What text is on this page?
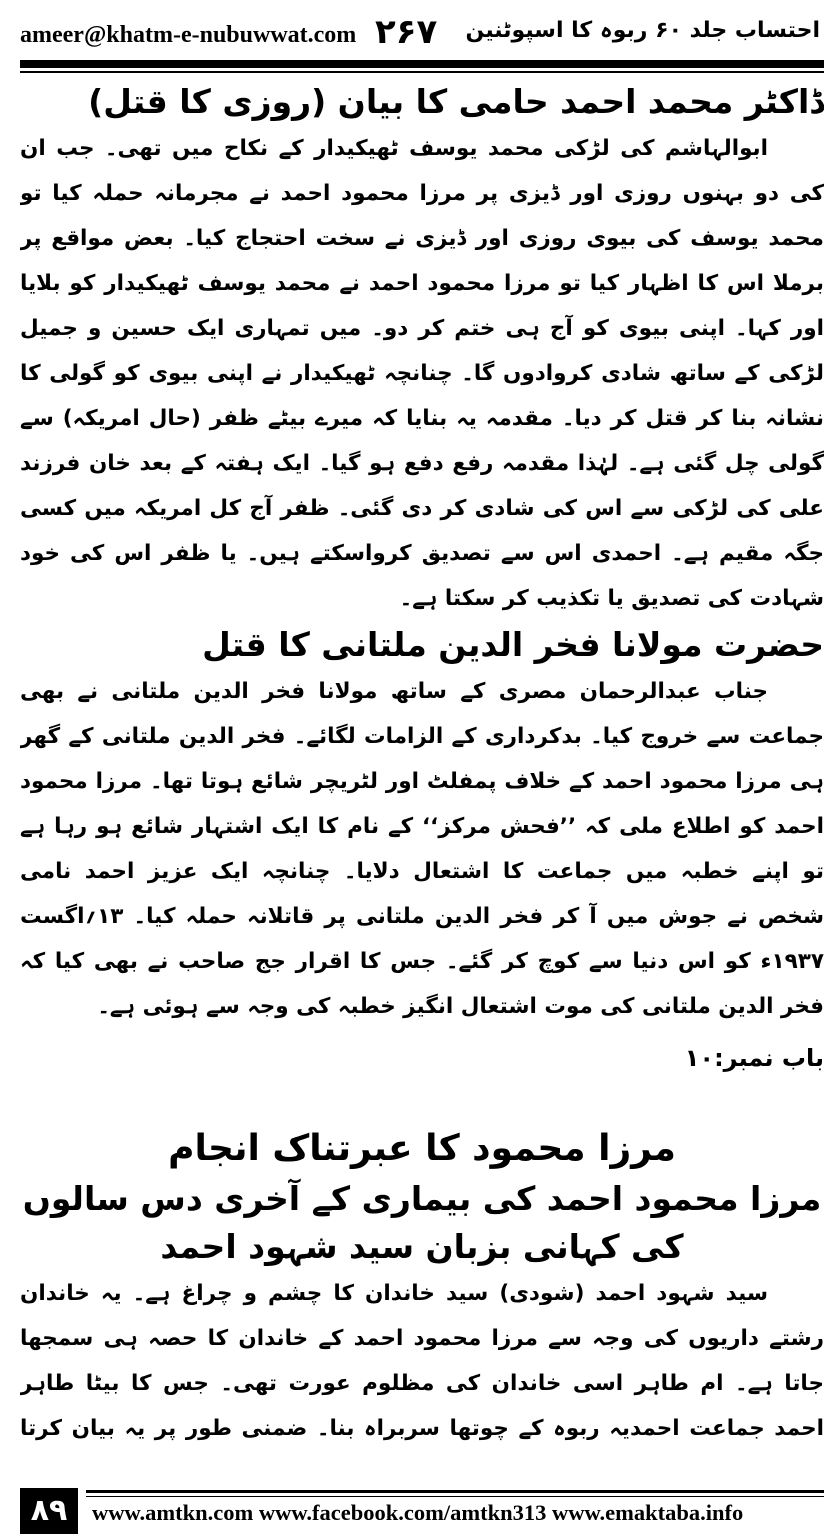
ameer@khatm-e-nubuwwat.com ۲۶۷ احتساب جلد ۶۰ ربوہ کا اسپوٹنین
ڈاکٹر محمد احمد حامی کا بیان (روزی کا قتل)

ابوالہاشم کی لڑکی محمد یوسف ٹھیکیدار کے نکاح میں تھی۔ جب ان کی دو بہنوں روزی اور ڈیزی پر مرزا محمود احمد نے مجرمانہ حملہ کیا تو محمد یوسف کی بیوی روزی اور ڈیزی نے سخت احتجاج کیا۔ بعض مواقع پر برملا اس کا اظہار کیا تو مرزا محمود احمد نے محمد یوسف ٹھیکیدار کو بلایا اور کہا۔ اپنی بیوی کو آج ہی ختم کر دو۔ میں تمہاری ایک حسین و جمیل لڑکی کے ساتھ شادی کروادوں گا۔ چنانچہ ٹھیکیدار نے اپنی بیوی کو گولی کا نشانہ بنا کر قتل کر دیا۔ مقدمہ یہ بنایا کہ میرے بیٹے ظفر (حال امریکہ) سے گولی چل گئی ہے۔ لہٰذا مقدمہ رفع دفع ہو گیا۔ ایک ہفتہ کے بعد خان فرزند علی کی لڑکی سے اس کی شادی کر دی گئی۔ ظفر آج کل امریکہ میں کسی جگہ مقیم ہے۔ احمدی اس سے تصدیق کرواسکتے ہیں۔ یا ظفر اس کی خود شہادت کی تصدیق یا تکذیب کر سکتا ہے۔

حضرت مولانا فخر الدین ملتانی کا قتل

جناب عبدالرحمان مصری کے ساتھ مولانا فخر الدین ملتانی نے بھی جماعت سے خروج کیا۔ بدکرداری کے الزامات لگائے۔ فخر الدین ملتانی کے گھر ہی مرزا محمود احمد کے خلاف پمفلٹ اور لٹریچر شائع ہوتا تھا۔ مرزا محمود احمد کو اطلاع ملی کہ ’’فحش مرکز‘‘ کے نام کا ایک اشتہار شائع ہو رہا ہے تو اپنے خطبہ میں جماعت کا اشتعال دلایا۔ چنانچہ ایک عزیز احمد نامی شخص نے جوش میں آ کر فخر الدین ملتانی پر قاتلانہ حملہ کیا۔ ۱۳؍اگست ۱۹۳۷ء کو اس دنیا سے کوچ کر گئے۔ جس کا اقرار جج صاحب نے بھی کیا کہ فخر الدین ملتانی کی موت اشتعال انگیز خطبہ کی وجہ سے ہوئی ہے۔

باب نمبر:۱۰
مرزا محمود کا عبرتناک انجام
مرزا محمود احمد کی بیماری کے آخری دس سالوں کی کہانی بزبان سید شہود احمد

سید شہود احمد (شودی) سید خاندان کا چشم و چراغ ہے۔ یہ خاندان رشتے داریوں کی وجہ سے مرزا محمود احمد کے خاندان کا حصہ ہی سمجھا جاتا ہے۔ ام طاہر اسی خاندان کی مظلوم عورت تھی۔ جس کا بیٹا طاہر احمد جماعت احمدیہ ربوہ کے چوتھا سربراہ بنا۔ ضمنی طور پر یہ بیان کرتا

۸۹	www.amtkn.com www.facebook.com/amtkn313 www.emaktaba.info
